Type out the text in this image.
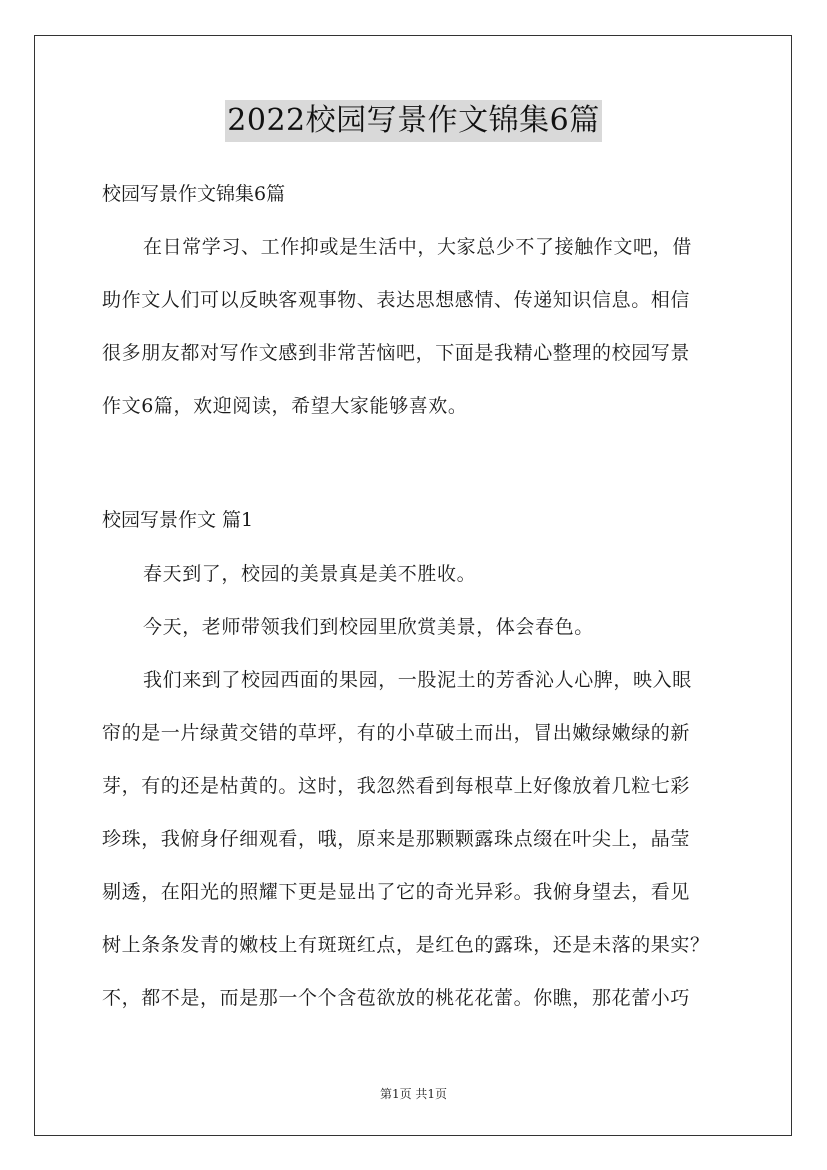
2022校园写景作文锦集6篇
校园写景作文锦集6篇

在日常学习、工作抑或是生活中，大家总少不了接触作文吧，借
助作文人们可以反映客观事物、表达思想感情、传递知识信息。相信
很多朋友都对写作文感到非常苦恼吧，下面是我精心整理的校园写景
作文6篇，欢迎阅读，希望大家能够喜欢。

校园写景作文 篇1

春天到了，校园的美景真是美不胜收。

今天，老师带领我们到校园里欣赏美景，体会春色。

我们来到了校园西面的果园，一股泥土的芳香沁人心脾，映入眼
帘的是一片绿黄交错的草坪，有的小草破土而出，冒出嫩绿嫩绿的新
芽，有的还是枯黄的。这时，我忽然看到每根草上好像放着几粒七彩
珍珠，我俯身仔细观看，哦，原来是那颗颗露珠点缀在叶尖上，晶莹
剔透，在阳光的照耀下更是显出了它的奇光异彩。我俯身望去，看见
树上条条发青的嫩枝上有斑斑红点，是红色的露珠，还是未落的果实？
不，都不是，而是那一个个含苞欲放的桃花花蕾。你瞧，那花蕾小巧

第1页 共1页
